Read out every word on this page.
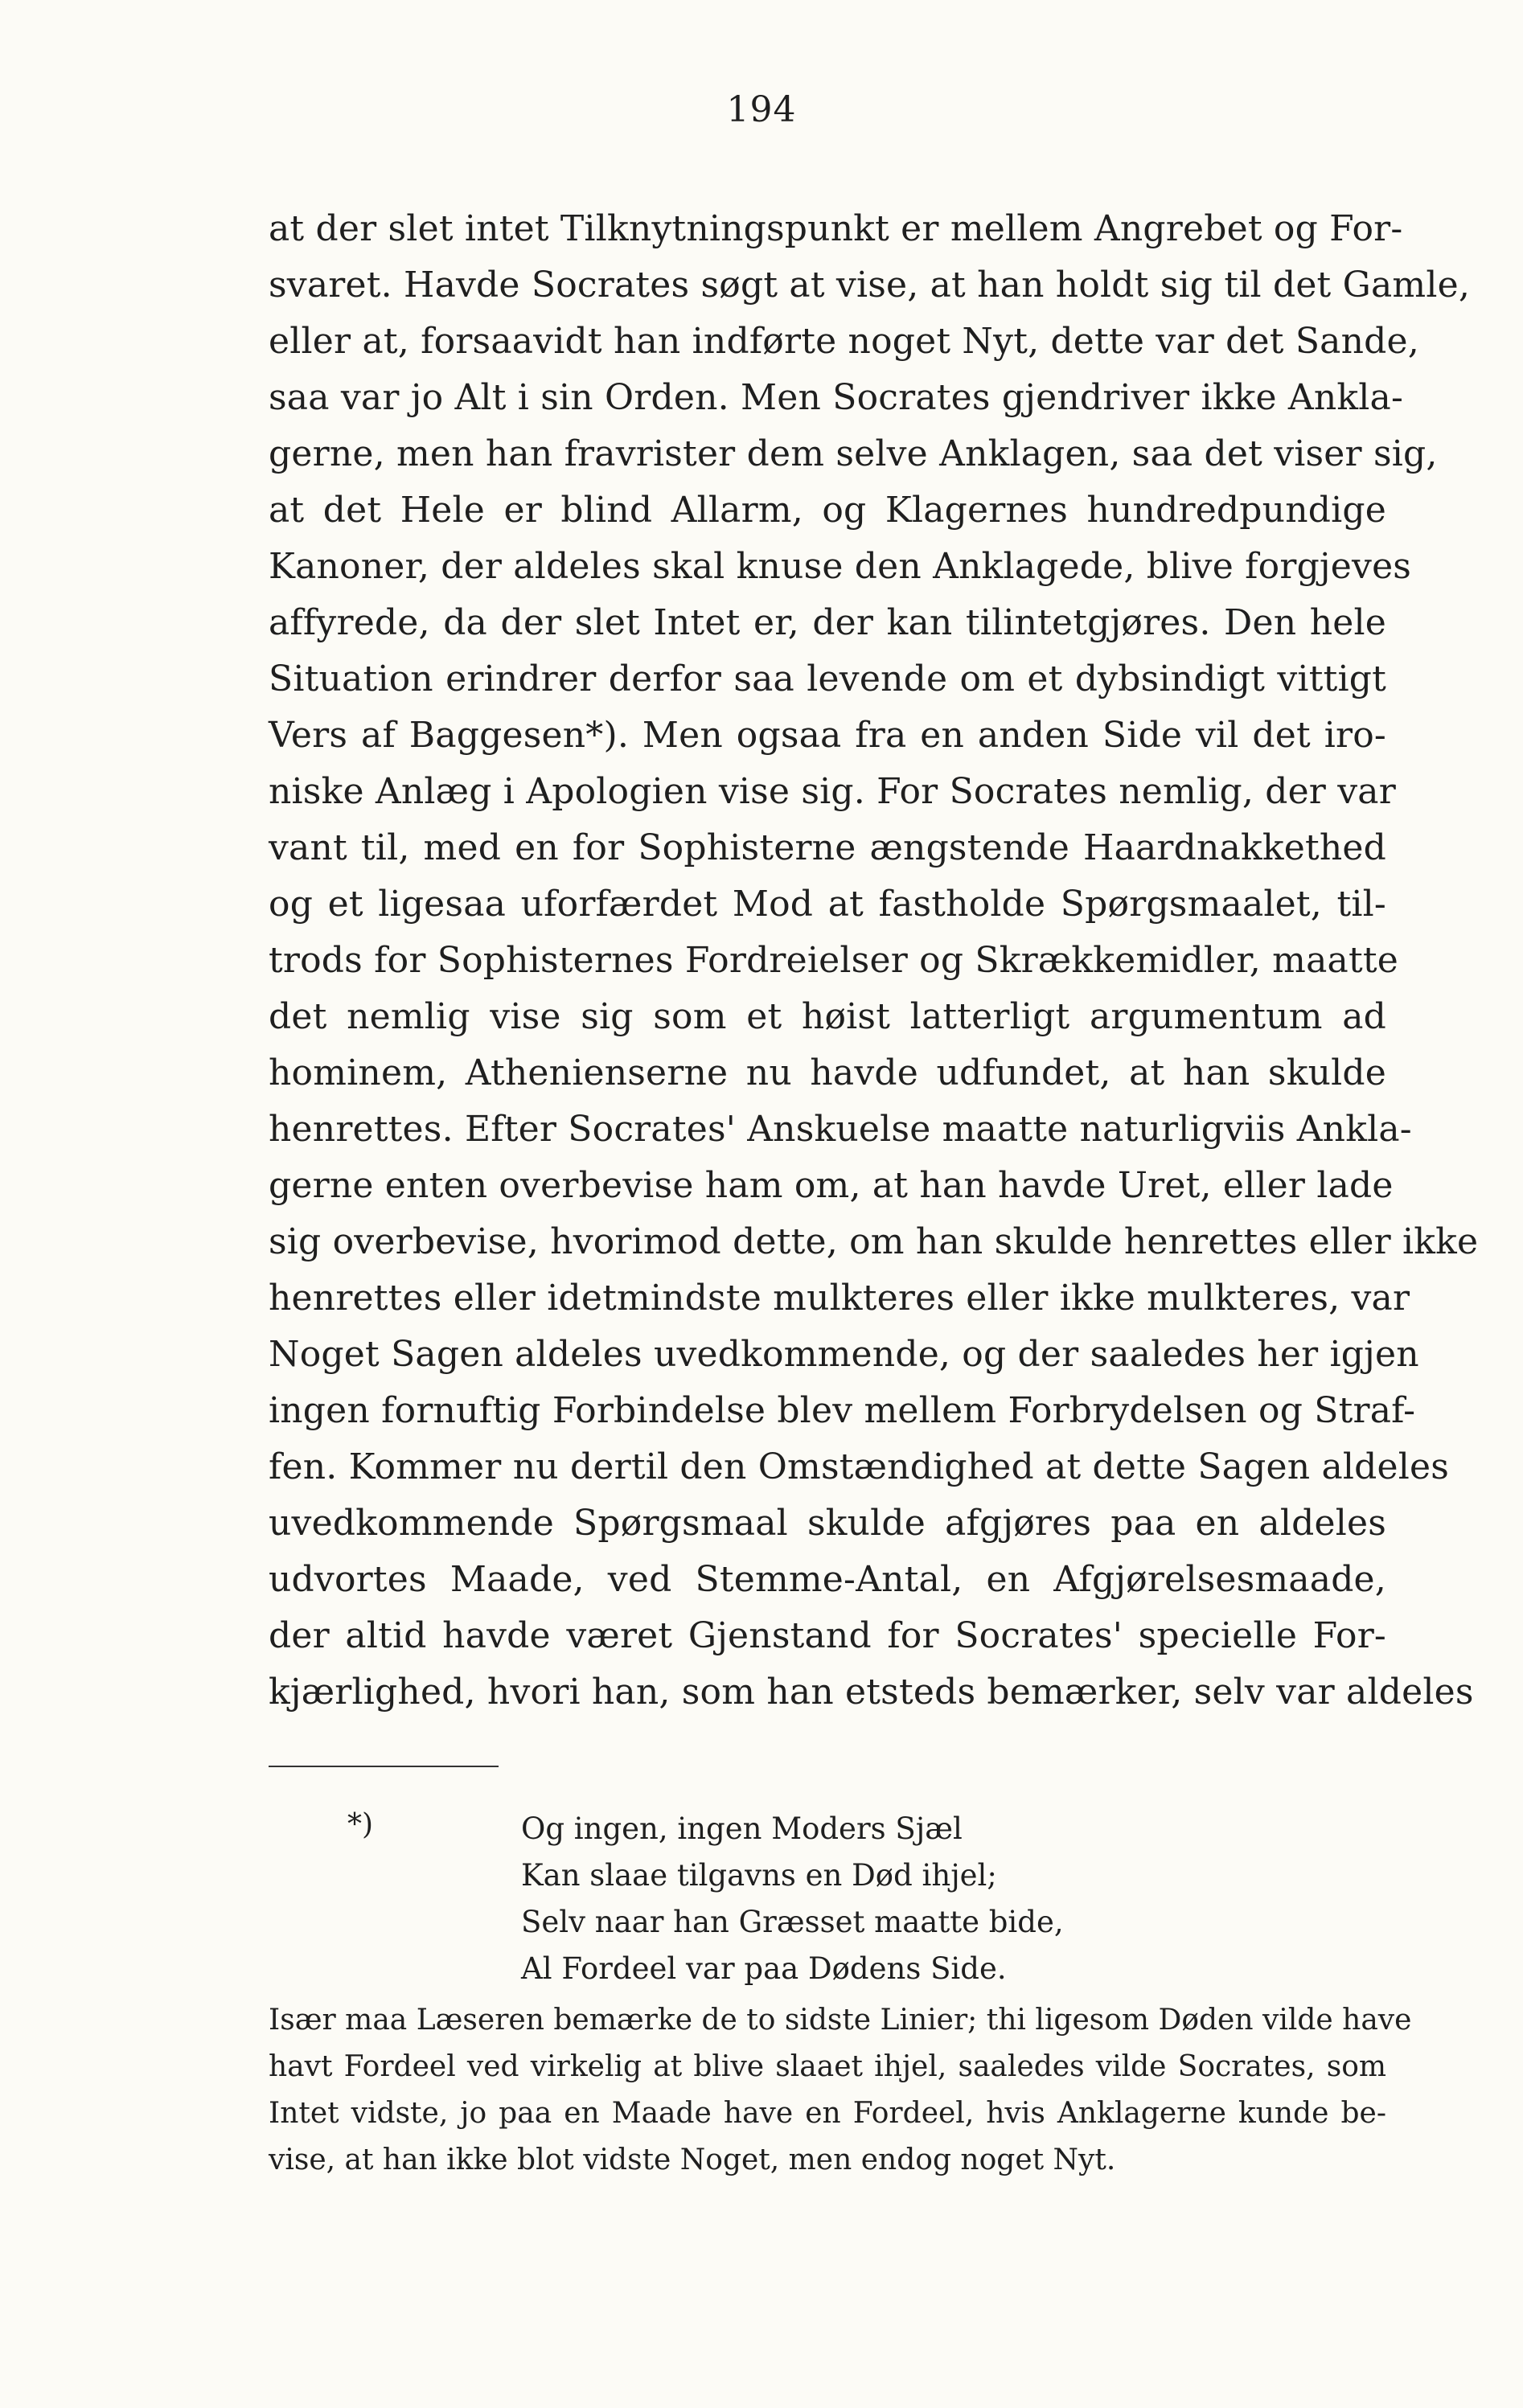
194
at der slet intet Tilknytningspunkt er mellem Angrebet og For-
svaret. Havde Socrates søgt at vise, at han holdt sig til det Gamle,
eller at, forsaavidt han indførte noget Nyt, dette var det Sande,
saa var jo Alt i sin Orden. Men Socrates gjendriver ikke Ankla-
gerne, men han fravrister dem selve Anklagen, saa det viser sig,
at det Hele er blind Allarm, og Klagernes hundredpundige
Kanoner, der aldeles skal knuse den Anklagede, blive forgjeves
affyrede, da der slet Intet er, der kan tilintetgjøres. Den hele
Situation erindrer derfor saa levende om et dybsindigt vittigt
Vers af Baggesen*). Men ogsaa fra en anden Side vil det iro-
niske Anlæg i Apologien vise sig. For Socrates nemlig, der var
vant til, med en for Sophisterne ængstende Haardnakkethed
og et ligesaa uforfærdet Mod at fastholde Spørgsmaalet, til-
trods for Sophisternes Fordreielser og Skrækkemidler, maatte
det nemlig vise sig som et høist latterligt argumentum ad
hominem, Athenienserne nu havde udfundet, at han skulde
henrettes. Efter Socrates' Anskuelse maatte naturligviis Ankla-
gerne enten overbevise ham om, at han havde Uret, eller lade
sig overbevise, hvorimod dette, om han skulde henrettes eller ikke
henrettes eller idetmindste mulkteres eller ikke mulkteres, var
Noget Sagen aldeles uvedkommende, og der saaledes her igjen
ingen fornuftig Forbindelse blev mellem Forbrydelsen og Straf-
fen. Kommer nu dertil den Omstændighed at dette Sagen aldeles
uvedkommende Spørgsmaal skulde afgjøres paa en aldeles
udvortes Maade, ved Stemme-Antal, en Afgjørelsesmaade,
der altid havde været Gjenstand for Socrates' specielle For-
kjærlighed, hvori han, som han etsteds bemærker, selv var aldeles
*)	Og ingen, ingen Moders Sjæl
Kan slaae tilgavns en Død ihjel;
Selv naar han Græsset maatte bide,
Al Fordeel var paa Dødens Side.
Især maa Læseren bemærke de to sidste Linier; thi ligesom Døden vilde have
havt Fordeel ved virkelig at blive slaaet ihjel, saaledes vilde Socrates, som
Intet vidste, jo paa en Maade have en Fordeel, hvis Anklagerne kunde be-
vise, at han ikke blot vidste Noget, men endog noget Nyt.
